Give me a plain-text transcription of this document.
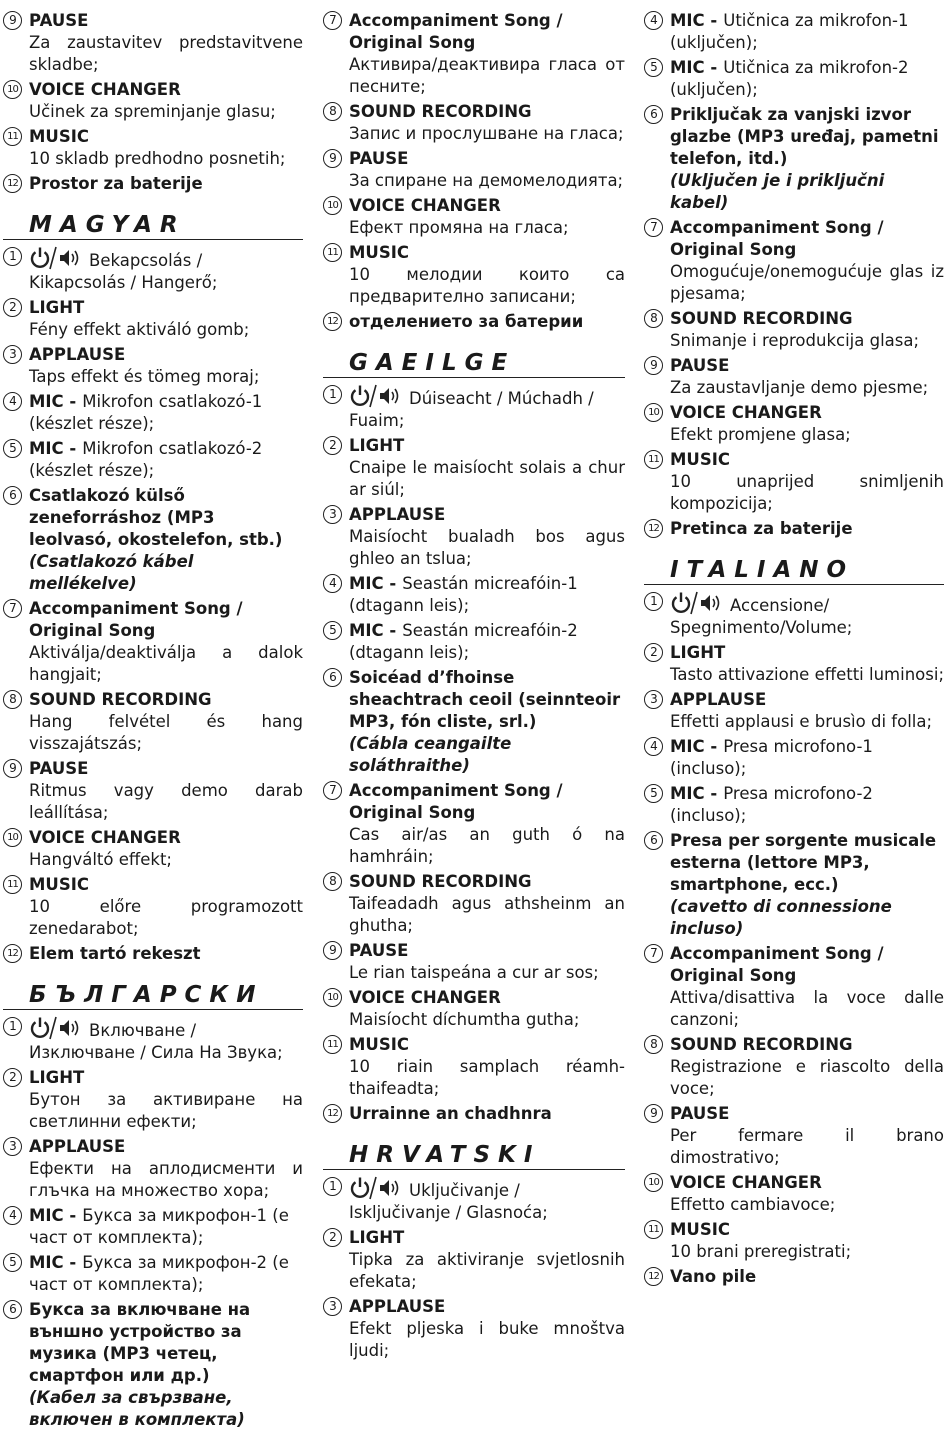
9 PAUSE
Za zaustavitev predstavitvene skladbe;
10 VOICE CHANGER
Učinek za spreminjanje glasu;
11 MUSIC
10 skladb predhodno posnetih;
12 Prostor za baterije
MAGYAR
1	Bekapcsolás / Kikapcsolás / Hangerő;
2 LIGHT
Fény effekt aktiváló gomb;
3 APPLAUSE
Taps effekt és tömeg moraj;
4 MIC - Mikrofon csatlakozó-1 (készlet része);
5 MIC - Mikrofon csatlakozó-2 (készlet része);
6 Csatlakozó külső zeneforráshoz (MP3 leolvasó, okostelefon, stb.)
(Csatlakozó kábel mellékelve)
7 Accompaniment Song / Original Song
Aktiválja/deaktiválja a dalok hangjait;
8 SOUND RECORDING
Hang felvétel és hang visszajátszás;
9 PAUSE
Ritmus vagy demo darab leállítása;
10 VOICE CHANGER
Hangváltó effekt;
11 MUSIC
10 előre programozott zenedarabot;
12 Elem tartó rekeszt
БЪЛГАРСКИ
1	Включване / Изключване / Сила На Звука;
2 LIGHT
Бутон за активиране на светлинни ефекти;
3 APPLAUSE
Ефекти на аплодисменти и глъчка на множество хора;
4 MIC - Букса за микрофон-1 (е част от комплекта);
5 MIC - Букса за микрофон-2 (е част от комплекта);
6 Букса за включване на външно устройство за музика (МР3 четец, смартфон или др.)
(Кабел за свързване, включен в комплекта)
7 Accompaniment Song / Original Song
Активира/деактивира гласа от песните;
8 SOUND RECORDING
Запис и прослушване на гласа;
9 PAUSE
За спиране на демомелодията;
10 VOICE CHANGER
Ефект промяна на гласа;
11 MUSIC
10 мелодии които са предварително записани;
12 отделението за батерии
GAEILGE
1	Dúiseacht / Múchadh / Fuaim;
2 LIGHT
Cnaipe le maisíocht solais a chur ar siúl;
3 APPLAUSE
Maisíocht bualadh bos agus ghleo an tslua;
4 MIC - Seastán micreafóin-1 (dtagann leis);
5 MIC - Seastán micreafóin-2 (dtagann leis);
6 Soicéad d’fhoinse sheachtrach ceoil (seinnteoir MP3, fón cliste, srl.)
(Cábla ceangailte soláthraithe)
7 Accompaniment Song / Original Song
Cas air/as an guth ó na hamhráin;
8 SOUND RECORDING
Taifeadadh agus athsheinm an ghutha;
9 PAUSE
Le rian taispeána a cur ar sos;
10 VOICE CHANGER
Maisíocht díchumtha gutha;
11 MUSIC
10 riain samplach réamh-thaifeadta;
12 Urrainne an chadhnra
HRVATSKI
1	Uključivanje / Isključivanje / Glasnoća;
2 LIGHT
Tipka za aktiviranje svjetlosnih efekata;
3 APPLAUSE
Efekt pljeska i buke mnoštva ljudi;
4 MIC - Utičnica za mikrofon-1 (uključen);
5 MIC - Utičnica za mikrofon-2 (uključen);
6 Priključak za vanjski izvor glazbe (MP3 uređaj, pametni telefon, itd.)
(Uključen je i priključni kabel)
7 Accompaniment Song / Original Song
Omogućuje/onemogućuje glas iz pjesama;
8 SOUND RECORDING
Snimanje i reprodukcija glasa;
9 PAUSE
Za zaustavljanje demo pjesme;
10 VOICE CHANGER
Efekt promjene glasa;
11 MUSIC
10 unaprijed snimljenih kompozicija;
12 Pretinca za baterije
ITALIANO
1	Accensione/ Spegnimento/Volume;
2 LIGHT
Tasto attivazione effetti luminosi;
3 APPLAUSE
Effetti applausi e brusìo di folla;
4 MIC - Presa microfono-1 (incluso);
5 MIC - Presa microfono-2 (incluso);
6 Presa per sorgente musicale esterna (lettore MP3, smartphone, ecc.)
(cavetto di connessione incluso)
7 Accompaniment Song / Original Song
Attiva/disattiva la voce dalle canzoni;
8 SOUND RECORDING
Registrazione e riascolto della voce;
9 PAUSE
Per fermare il brano dimostrativo;
10 VOICE CHANGER
Effetto cambiavoce;
11 MUSIC
10 brani preregistrati;
12 Vano pile
